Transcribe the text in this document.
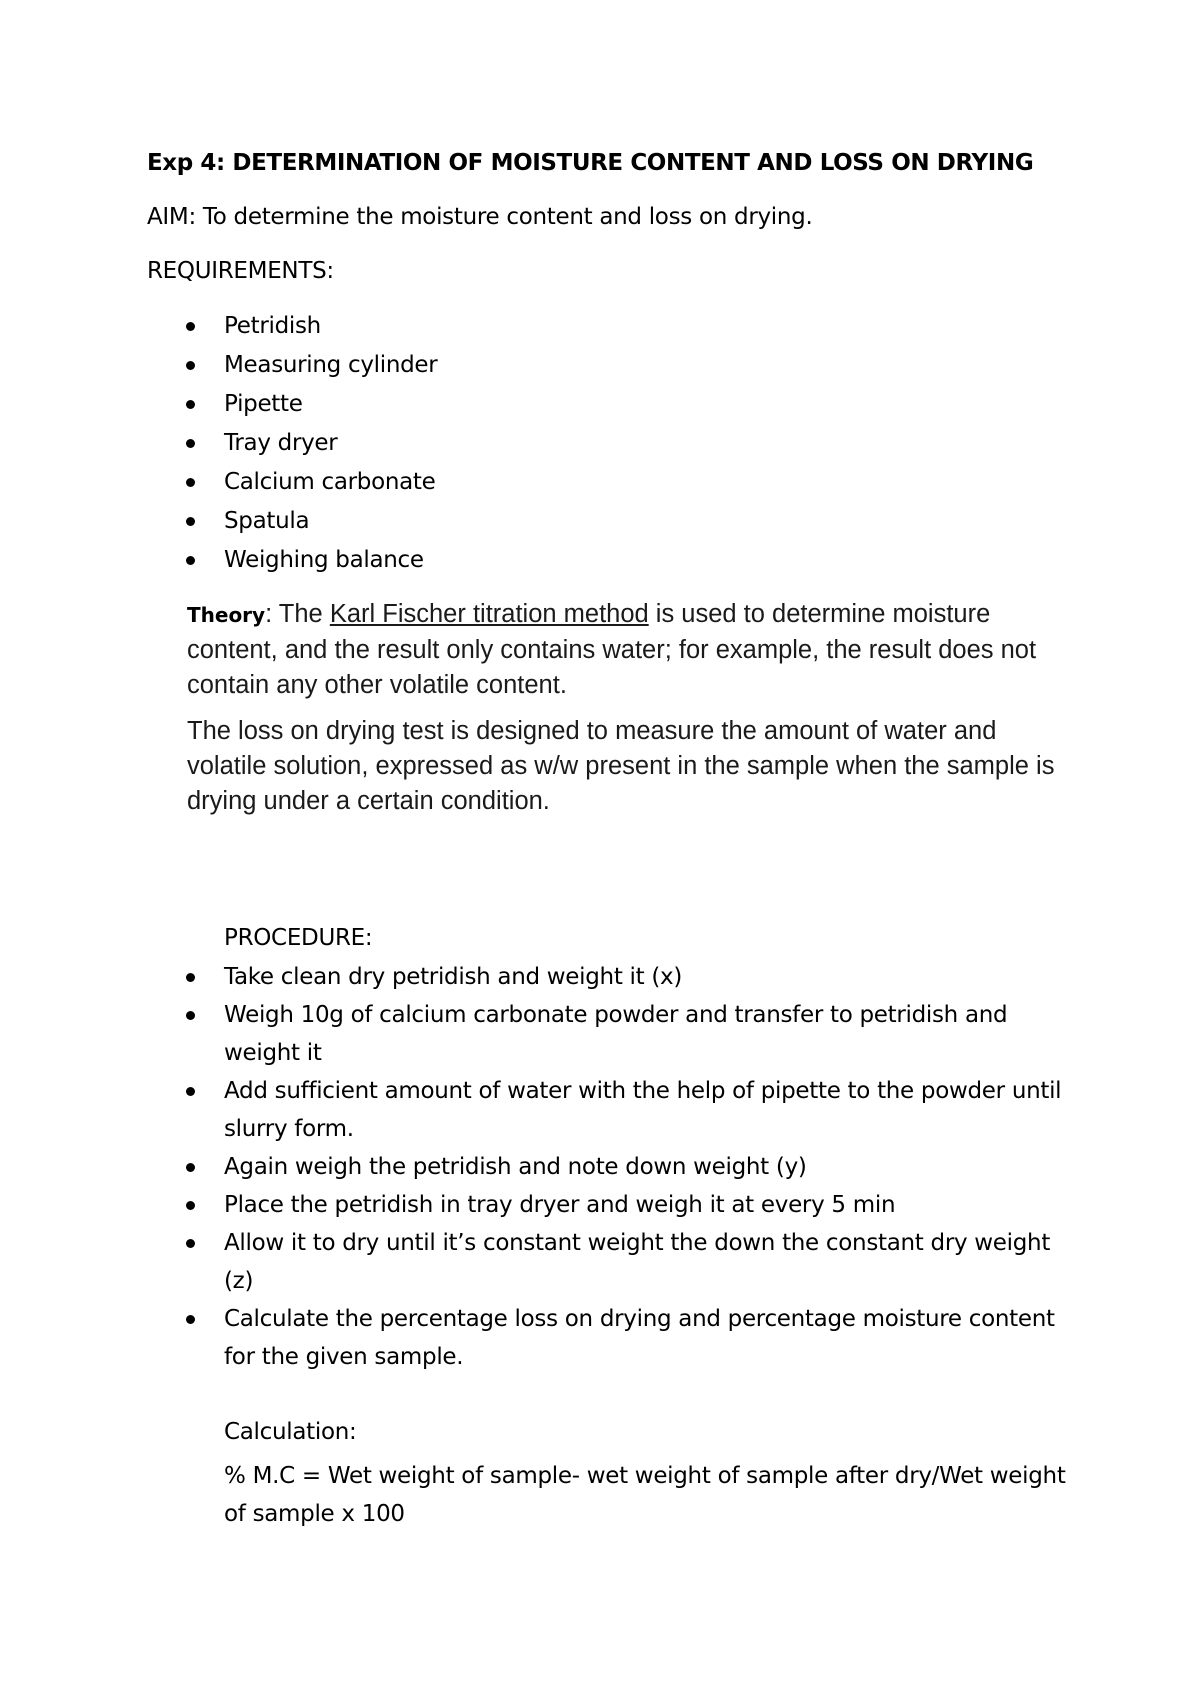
Exp 4: DETERMINATION OF MOISTURE CONTENT AND LOSS ON DRYING
AIM: To determine the moisture content and loss on drying.
REQUIREMENTS:
Petridish
Measuring cylinder
Pipette
Tray dryer
Calcium carbonate
Spatula
Weighing balance
Theory: The Karl Fischer titration method is used to determine moisture content, and the result only contains water; for example, the result does not contain any other volatile content.
The loss on drying test is designed to measure the amount of water and volatile solution, expressed as w/w present in the sample when the sample is drying under a certain condition.
PROCEDURE:
Take clean dry petridish and weight it (x)
Weigh 10g of calcium carbonate powder and transfer to petridish and weight it
Add sufficient amount of water with the help of pipette to the powder until slurry form.
Again weigh the petridish and note down weight (y)
Place the petridish in tray dryer and weigh it at every 5 min
Allow it to dry until it’s constant weight the down the constant dry weight (z)
Calculate the percentage loss on drying and percentage moisture content for the given sample.
Calculation:
% M.C = Wet weight of sample- wet weight of sample after dry/Wet weight of sample x 100
